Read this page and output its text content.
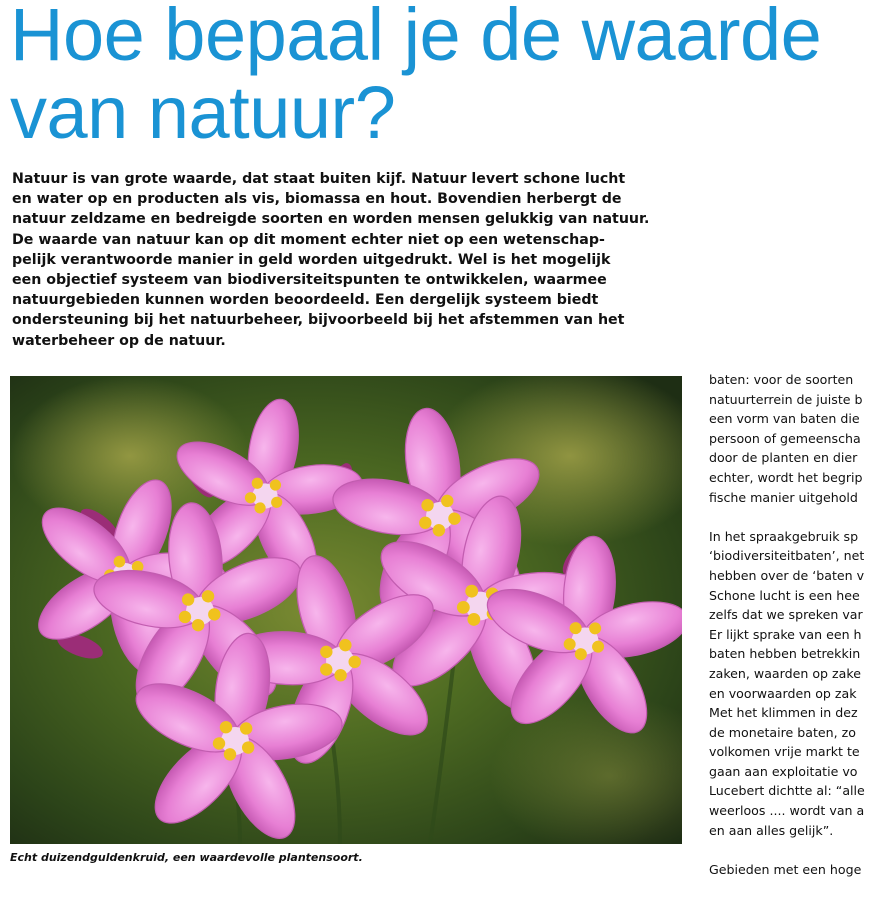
Hoe bepaal je de waarde
van natuur?
Natuur is van grote waarde, dat staat buiten kijf. Natuur levert schone lucht
en water op en producten als vis, biomassa en hout. Bovendien herbergt de
natuur zeldzame en bedreigde soorten en worden mensen gelukkig van natuur.
De waarde van natuur kan op dit moment echter niet op een wetenschap-
pelijk verantwoorde manier in geld worden uitgedrukt. Wel is het mogelijk
een objectief systeem van biodiversiteitspunten te ontwikkelen, waarmee
natuurgebieden kunnen worden beoordeeld. Een dergelijk systeem biedt
ondersteuning bij het natuurbeheer, bijvoorbeeld bij het afstemmen van het
waterbeheer op de natuur.
Echt duizendguldenkruid, een waardevolle plantensoort.
baten: voor de soorten
natuurterrein de juiste b
een vorm van baten die
persoon of gemeenscha
door de planten en dier
echter, wordt het begrip
fische manier uitgehold
In het spraakgebruik sp
‘biodiversiteitbaten’, net
hebben over de ‘baten v
Schone lucht is een hee
zelfs dat we spreken var
Er lijkt sprake van een h
baten hebben betrekkin
zaken, waarden op zake
en voorwaarden op zak
Met het klimmen in dez
de monetaire baten, zo
volkomen vrije markt te
gaan aan exploitatie vo
Lucebert dichtte al: “alle
weerloos .... wordt van a
en aan alles gelijk”.
Gebieden met een hoge
